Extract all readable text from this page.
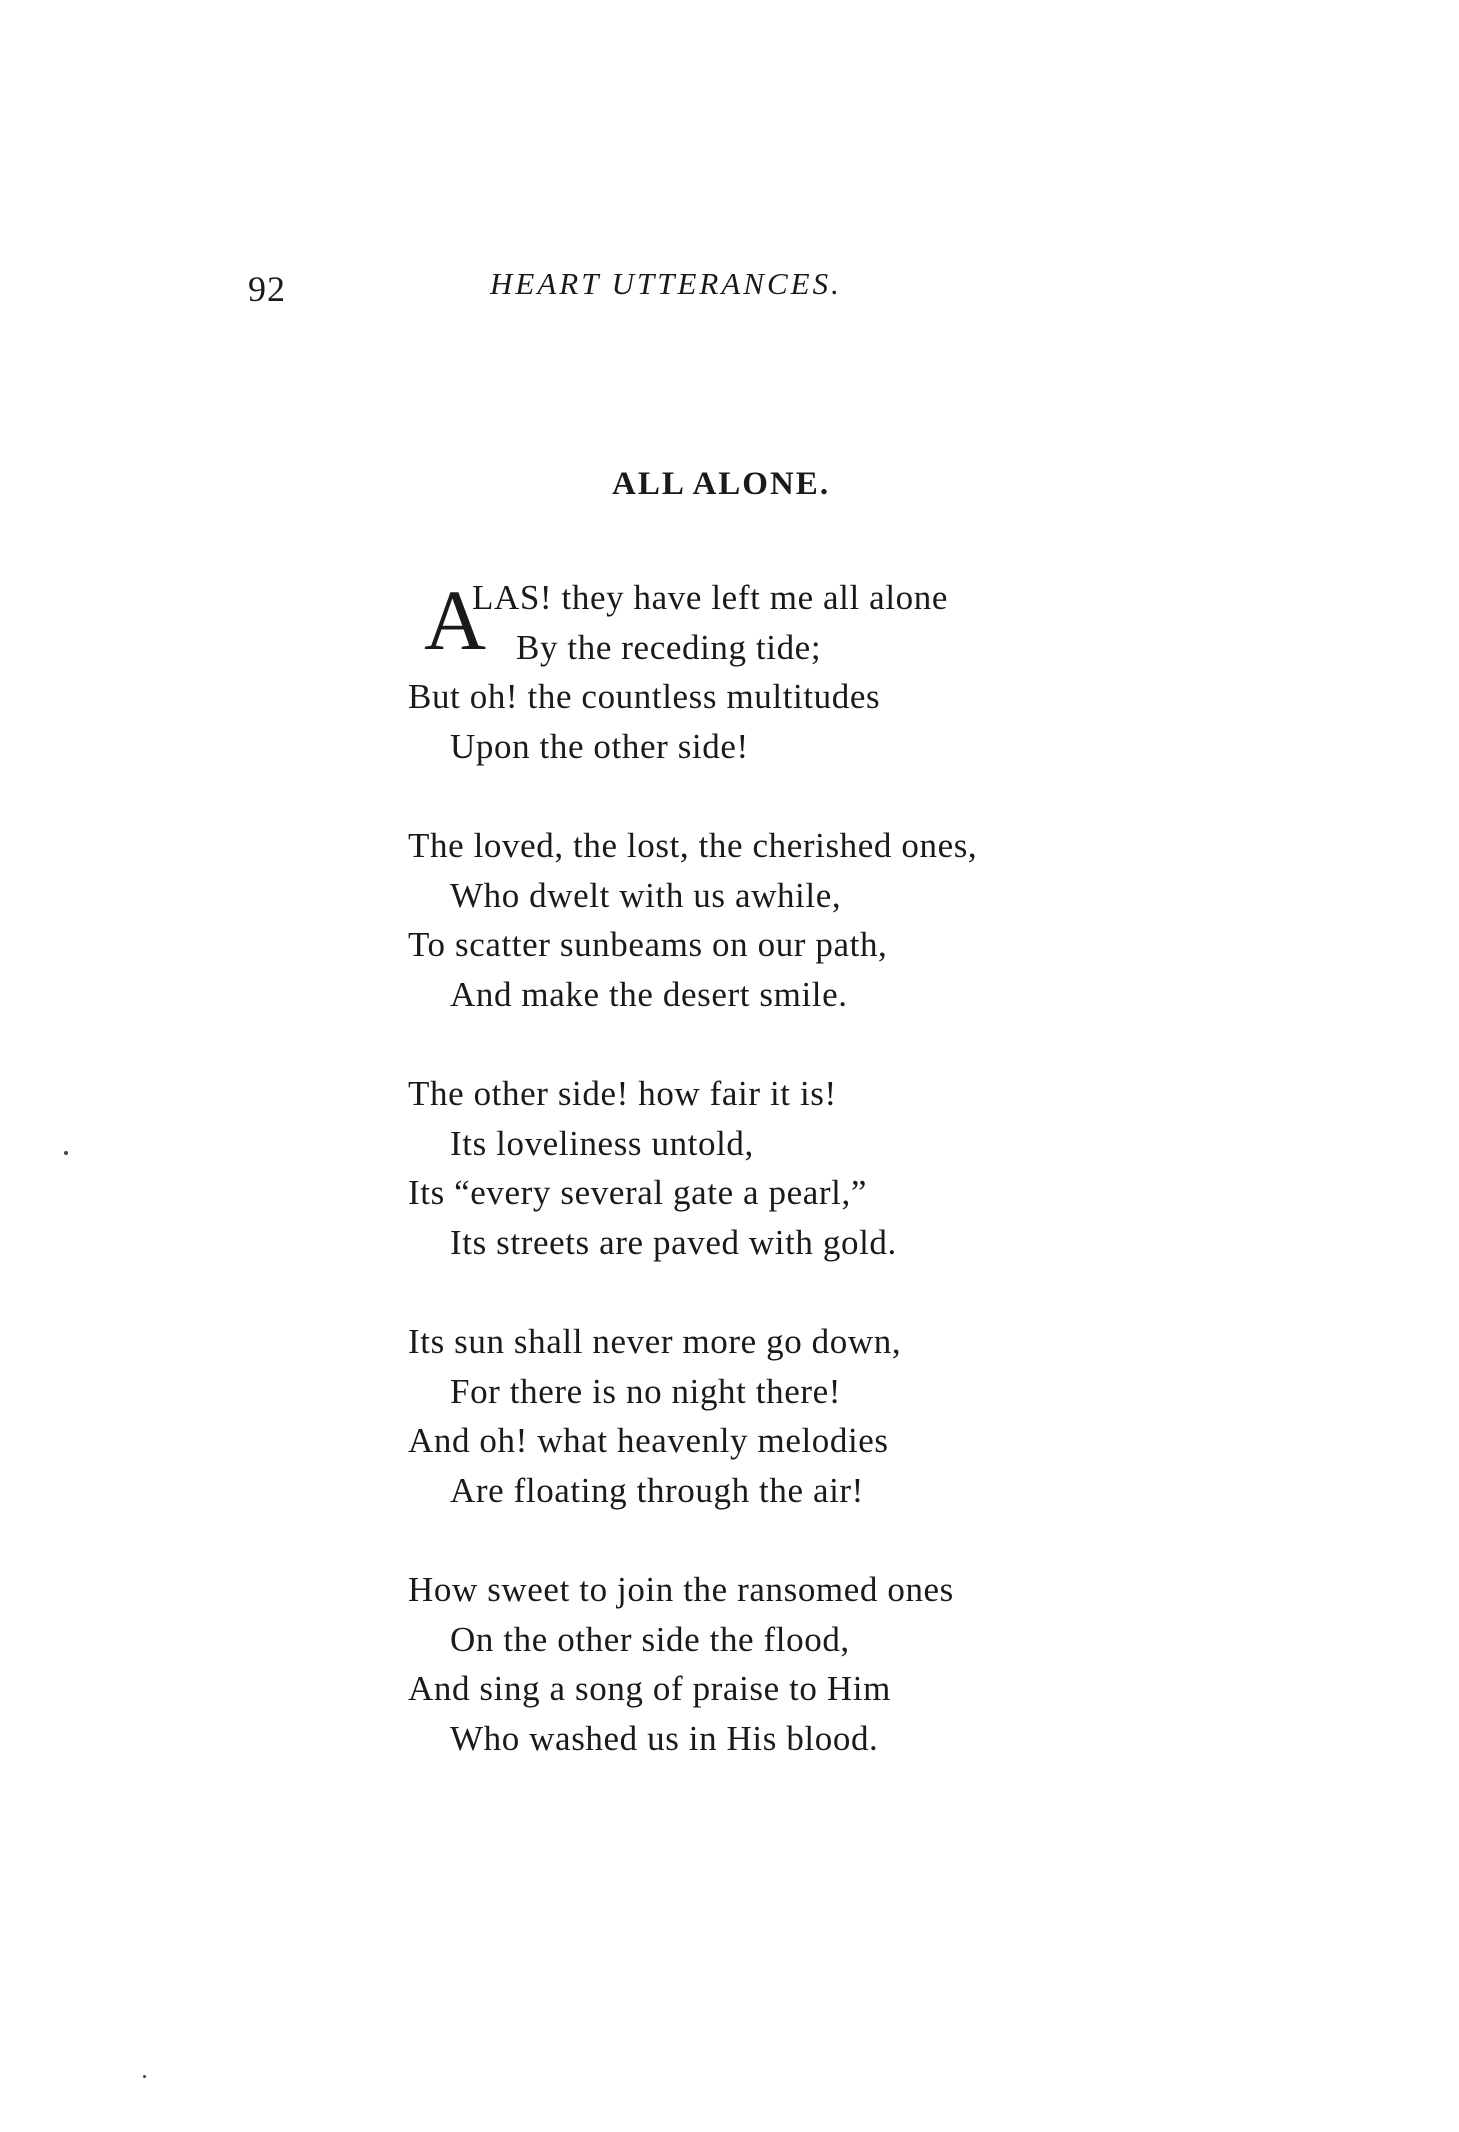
92	HEART UTTERANCES.
ALL ALONE.
A
LAS! they have left me all alone
By the receding tide;
But oh! the countless multitudes
Upon the other side!
The loved, the lost, the cherished ones,
Who dwelt with us awhile,
To scatter sunbeams on our path,
And make the desert smile.
The other side! how fair it is!
Its loveliness untold,
Its “every several gate a pearl,”
Its streets are paved with gold.
Its sun shall never more go down,
For there is no night there!
And oh! what heavenly melodies
Are floating through the air!
How sweet to join the ransomed ones
On the other side the flood,
And sing a song of praise to Him
Who washed us in His blood.
